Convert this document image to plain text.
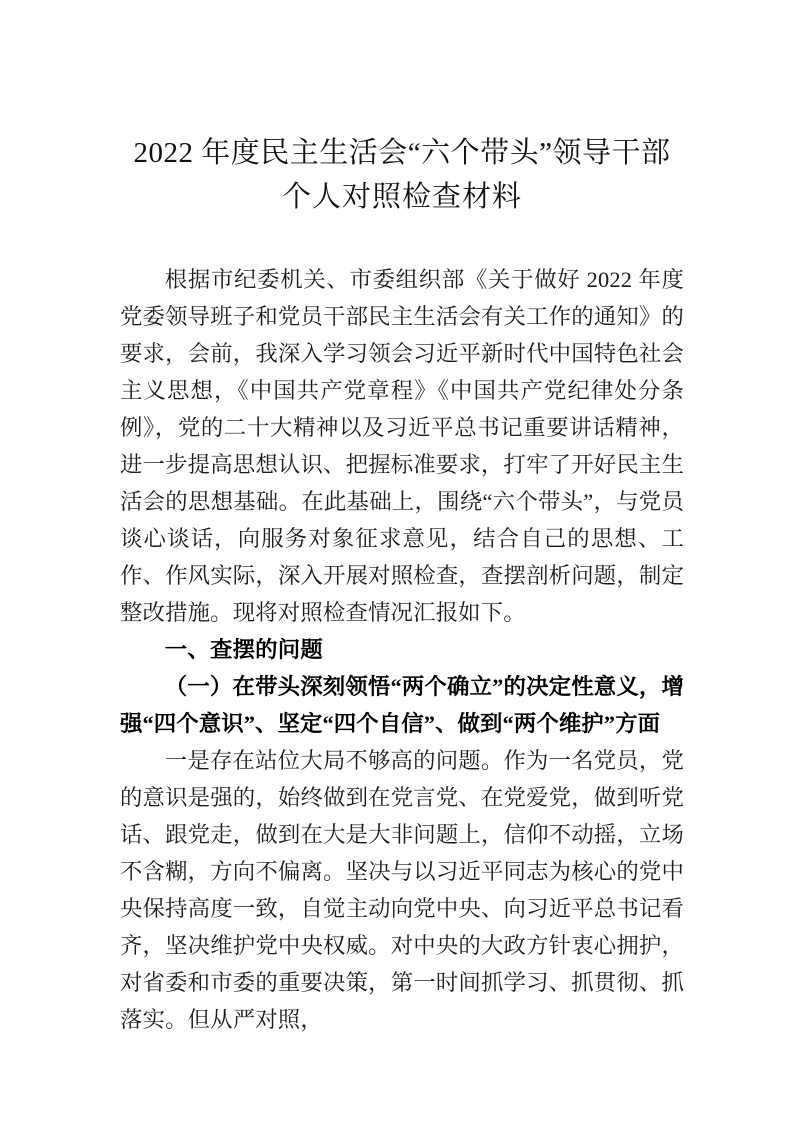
2022 年度民主生活会“六个带头”领导干部
个人对照检查材料

根据市纪委机关、市委组织部《关于做好 2022 年度党委领导班子和党员干部民主生活会有关工作的通知》的要求，会前，我深入学习领会习近平新时代中国特色社会主义思想，《中国共产党章程》《中国共产党纪律处分条例》，党的二十大精神以及习近平总书记重要讲话精神，进一步提高思想认识、把握标准要求，打牢了开好民主生活会的思想基础。在此基础上，围绕“六个带头”，与党员谈心谈话，向服务对象征求意见，结合自己的思想、工作、作风实际，深入开展对照检查，查摆剖析问题，制定整改措施。现将对照检查情况汇报如下。

一、查摆的问题

（一）在带头深刻领悟“两个确立”的决定性意义，增强“四个意识”、坚定“四个自信”、做到“两个维护”方面

一是存在站位大局不够高的问题。作为一名党员，党的意识是强的，始终做到在党言党、在党爱党，做到听党话、跟党走，做到在大是大非问题上，信仰不动摇，立场不含糊，方向不偏离。坚决与以习近平同志为核心的党中央保持高度一致，自觉主动向党中央、向习近平总书记看齐，坚决维护党中央权威。对中央的大政方针衷心拥护，对省委和市委的重要决策，第一时间抓学习、抓贯彻、抓落实。但从严对照，
